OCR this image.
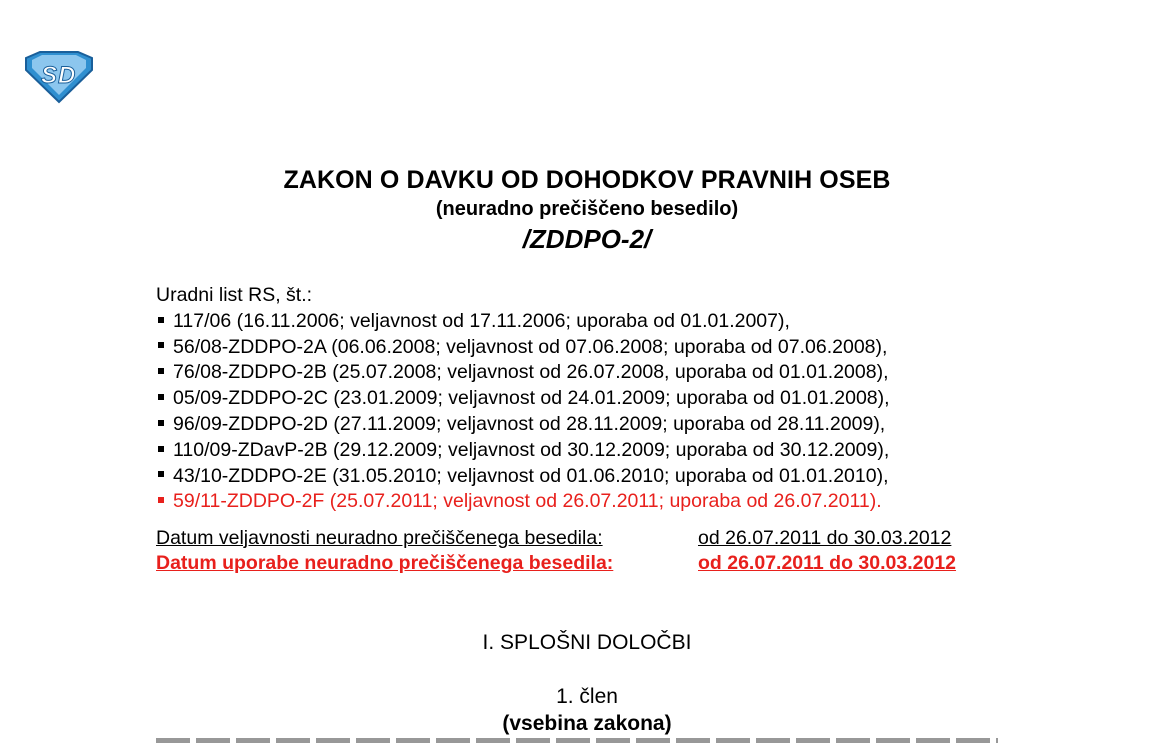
S D
ZAKON O DAVKU OD DOHODKOV PRAVNIH OSEB
(neuradno prečiščeno besedilo)
/ZDDPO-2/
Uradni list RS, št.:
117/06 (16.11.2006; veljavnost od 17.11.2006; uporaba od 01.01.2007),
56/08-ZDDPO-2A (06.06.2008; veljavnost od 07.06.2008; uporaba od 07.06.2008),
76/08-ZDDPO-2B (25.07.2008; veljavnost od 26.07.2008, uporaba od 01.01.2008),
05/09-ZDDPO-2C (23.01.2009; veljavnost od 24.01.2009; uporaba od 01.01.2008),
96/09-ZDDPO-2D (27.11.2009; veljavnost od 28.11.2009; uporaba od 28.11.2009),
110/09-ZDavP-2B (29.12.2009; veljavnost od 30.12.2009; uporaba od 30.12.2009),
43/10-ZDDPO-2E (31.05.2010; veljavnost od 01.06.2010; uporaba od 01.01.2010),
59/11-ZDDPO-2F (25.07.2011; veljavnost od 26.07.2011; uporaba od 26.07.2011).
Datum veljavnosti neuradno prečiščenega besedila:	od 26.07.2011 do 30.03.2012
Datum uporabe neuradno prečiščenega besedila:	od 26.07.2011 do 30.03.2012
I. SPLOŠNI DOLOČBI
1. člen
(vsebina zakona)
